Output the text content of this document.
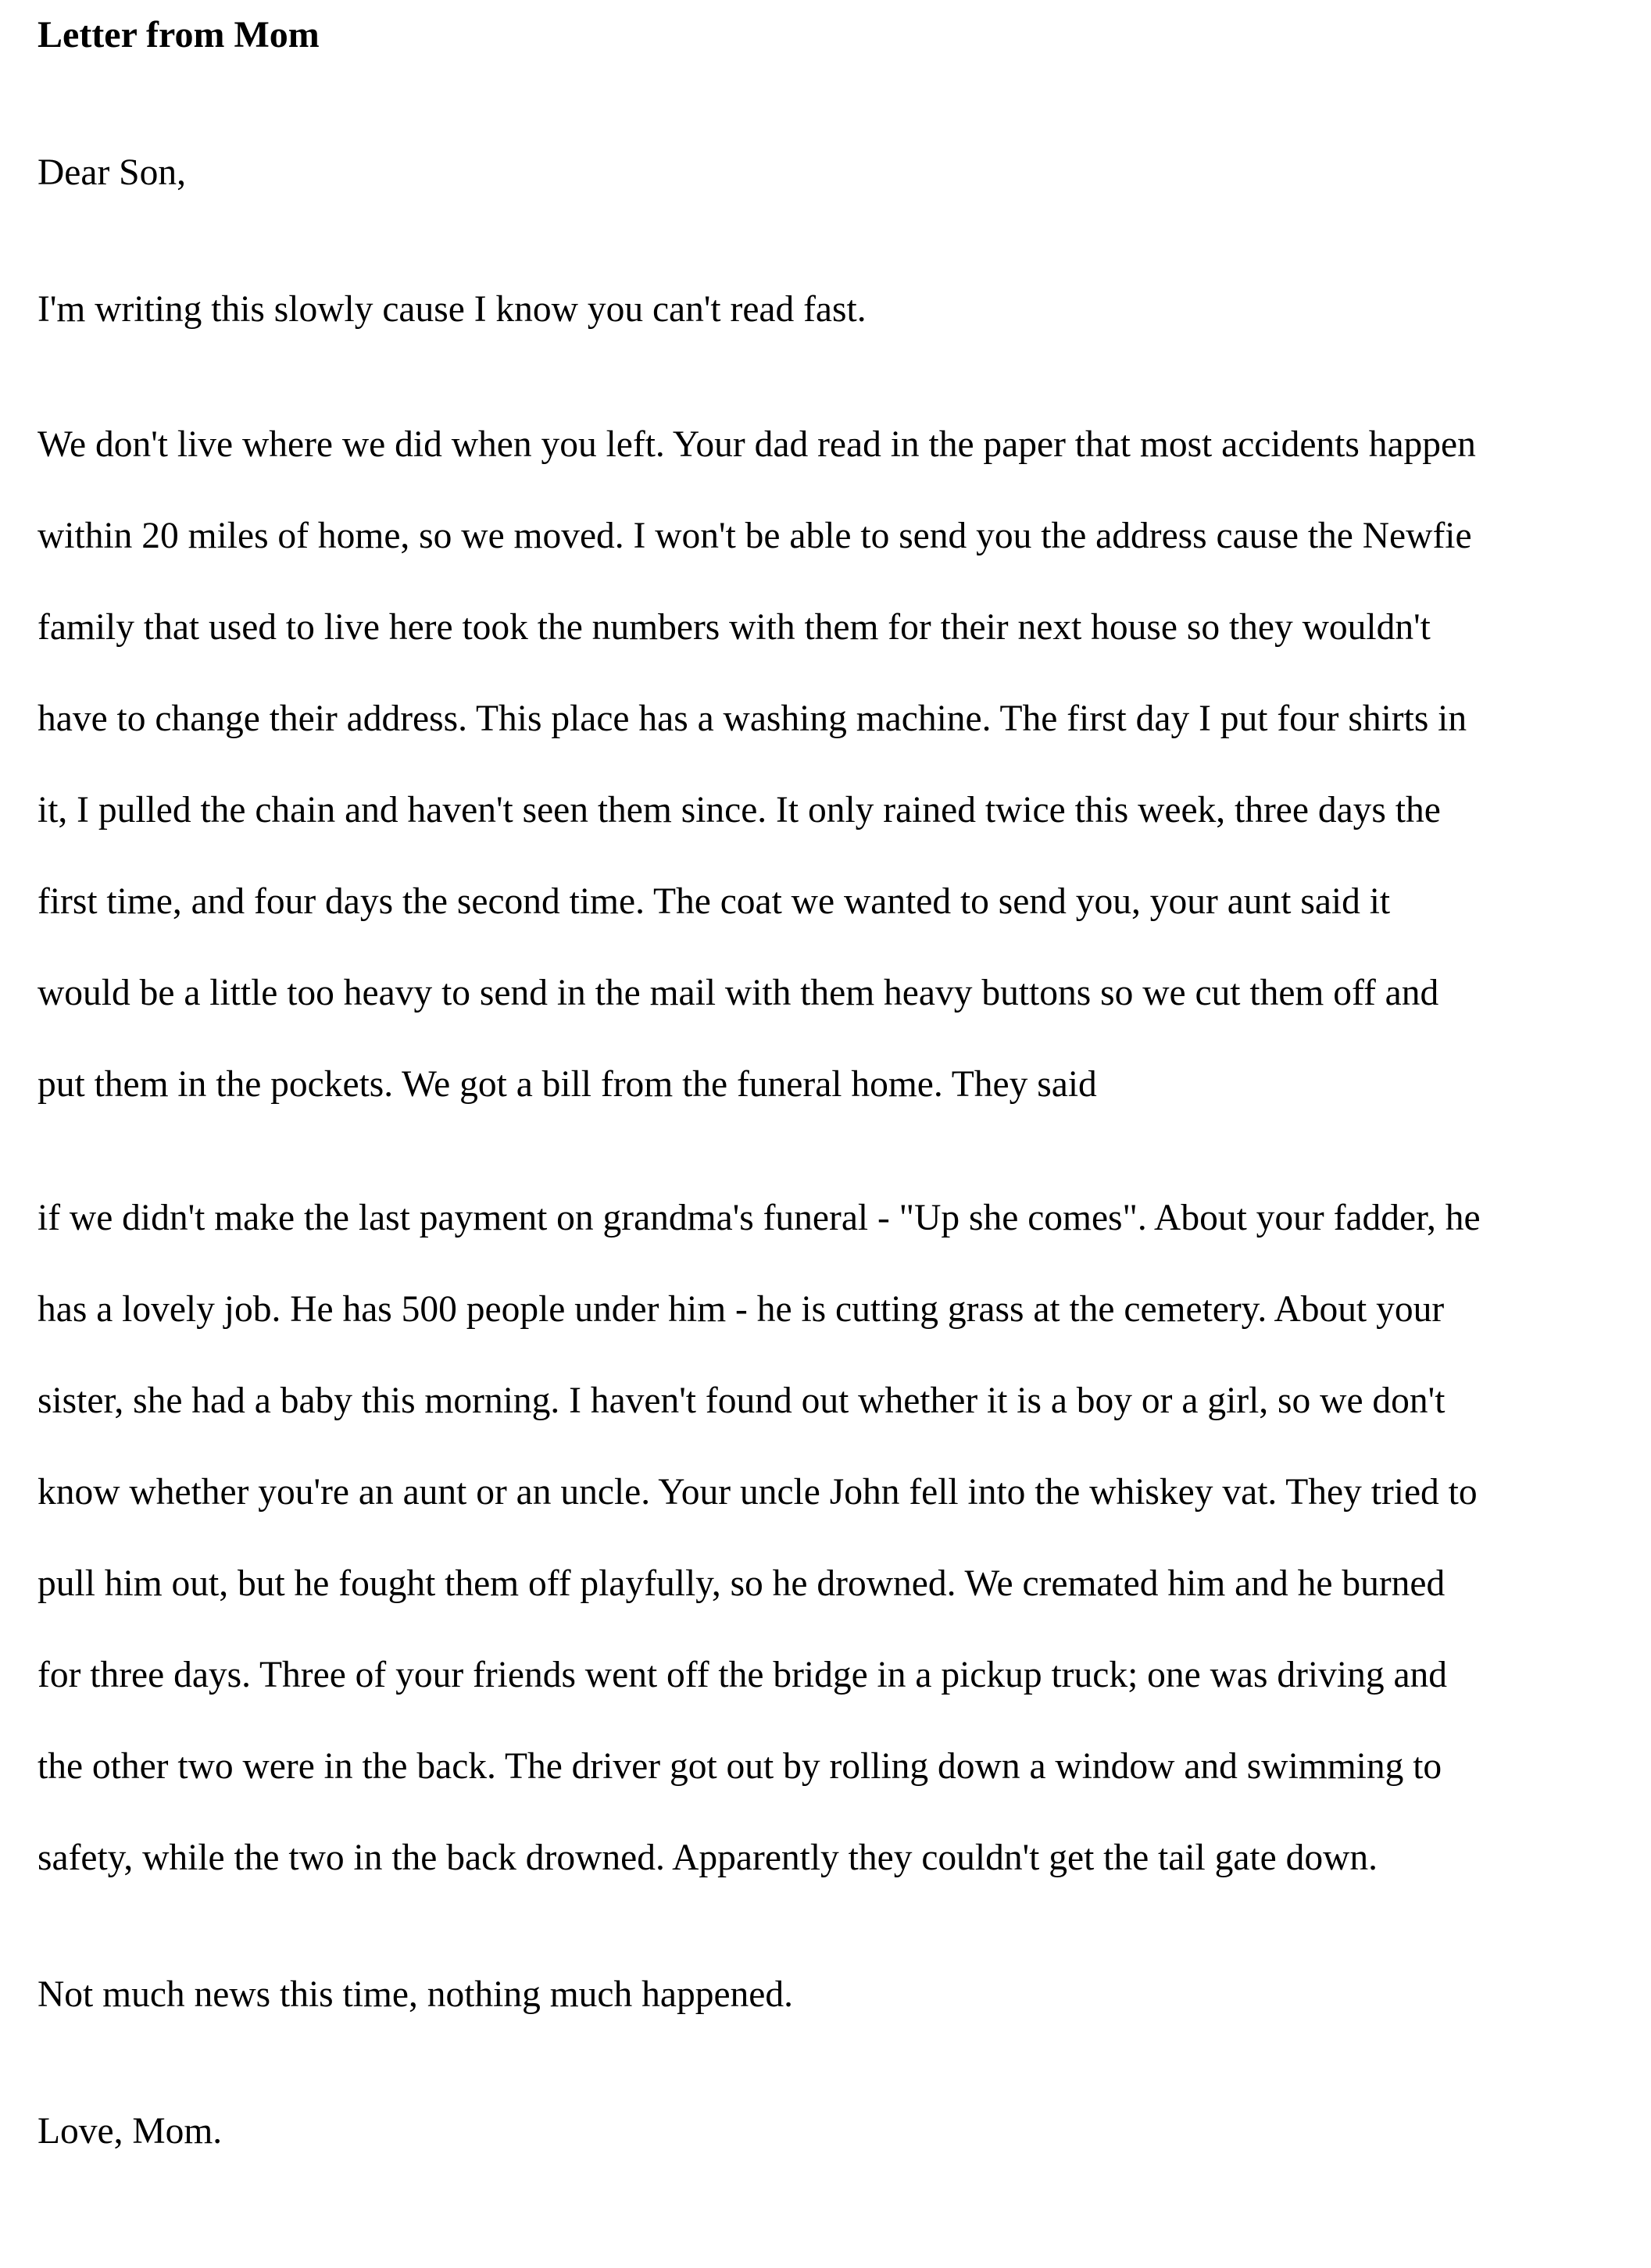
Letter from Mom

Dear Son,

I'm writing this slowly cause I know you can't read fast.

We don't live where we did when you left. Your dad read in the paper that most accidents happen

within 20 miles of home, so we moved. I won't be able to send you the address cause the Newfie

family that used to live here took the numbers with them for their next house so they wouldn't

have to change their address. This place has a washing machine. The first day I put four shirts in

it, I pulled the chain and haven't seen them since. It only rained twice this week, three days the

first time, and four days the second time. The coat we wanted to send you, your aunt said it

would be a little too heavy to send in the mail with them heavy buttons so we cut them off and

put them in the pockets. We got a bill from the funeral home. They said

if we didn't make the last payment on grandma's funeral - "Up she comes". About your fadder, he

has a lovely job. He has 500 people under him - he is cutting grass at the cemetery. About your

sister, she had a baby this morning. I haven't found out whether it is a boy or a girl, so we don't

know whether you're an aunt or an uncle. Your uncle John fell into the whiskey vat. They tried to

pull him out, but he fought them off playfully, so he drowned. We cremated him and he burned

for three days. Three of your friends went off the bridge in a pickup truck; one was driving and

the other two were in the back. The driver got out by rolling down a window and swimming to

safety, while the two in the back drowned. Apparently they couldn't get the tail gate down.

Not much news this time, nothing much happened.

Love, Mom.
